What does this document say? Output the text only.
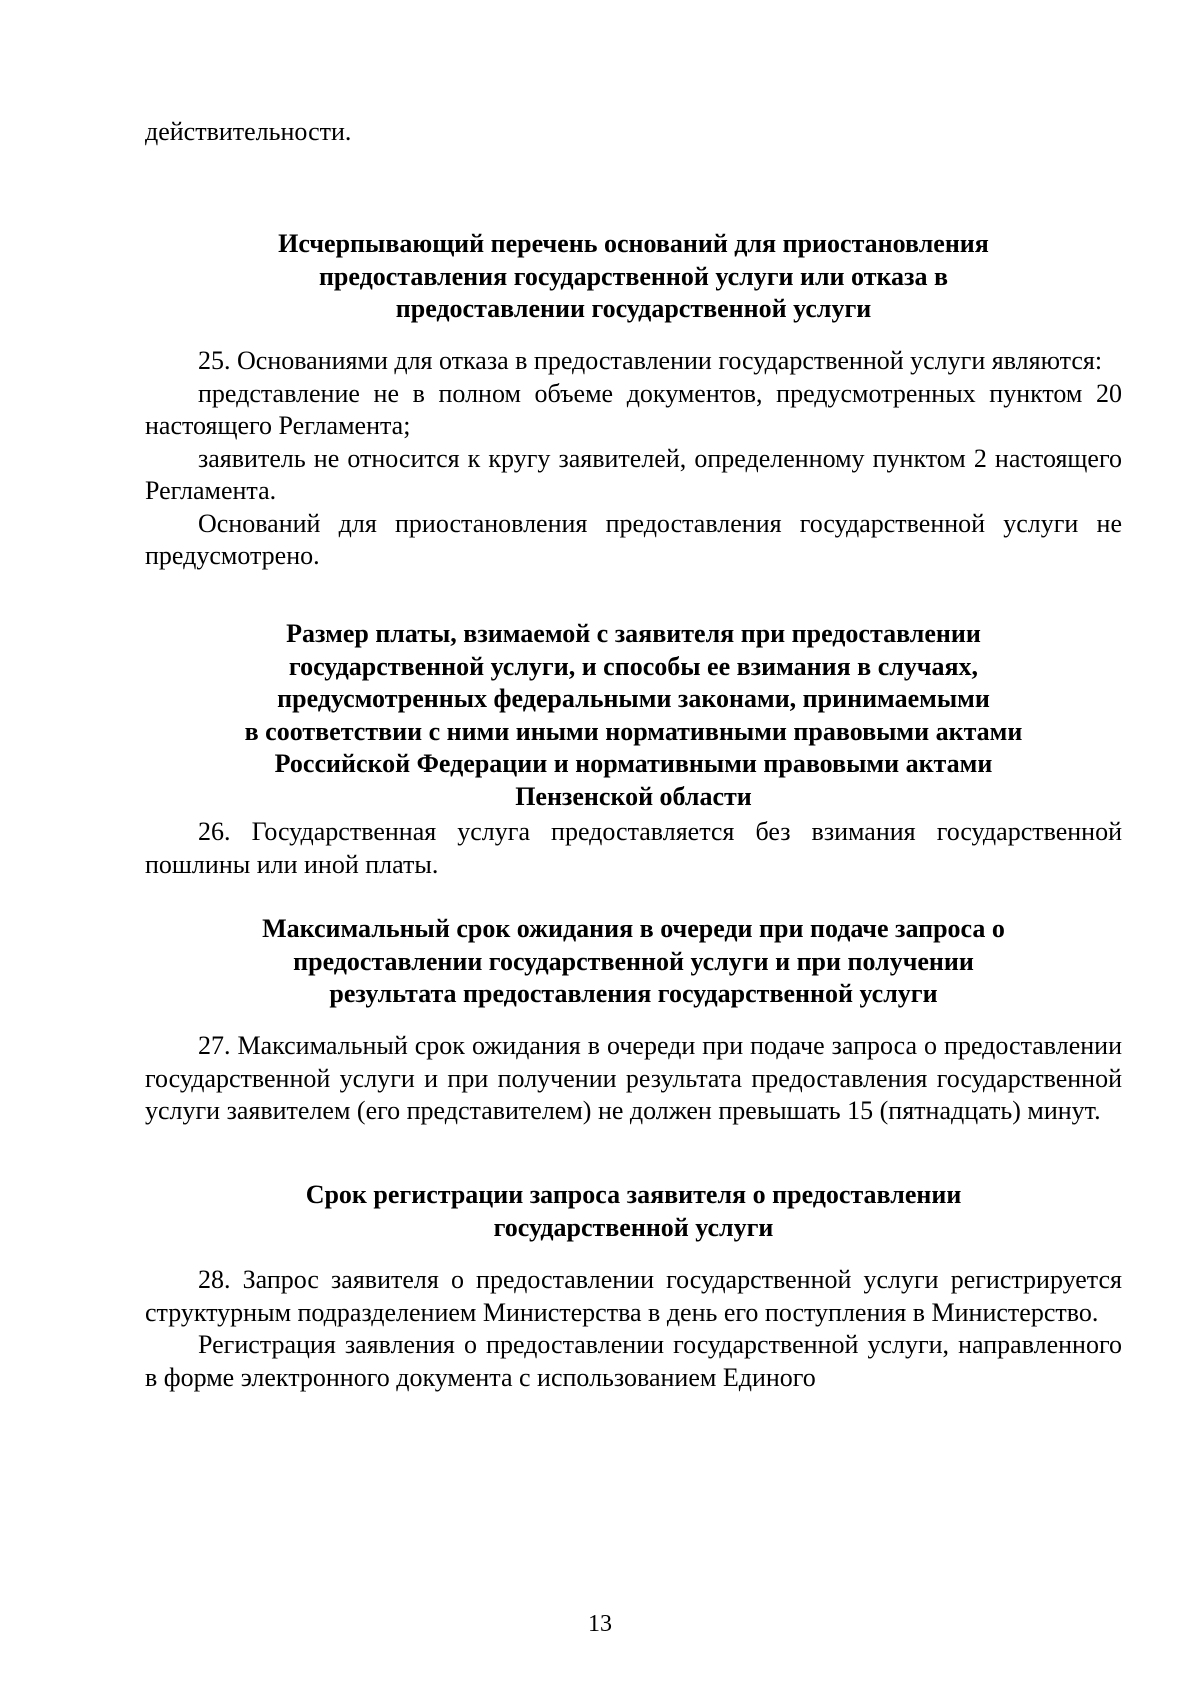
действительности.

Исчерпывающий перечень оснований для приостановления
предоставления государственной услуги или отказа в
предоставлении государственной услуги

25. Основаниями для отказа в предоставлении государственной услуги являются:

представление не в полном объеме документов, предусмотренных пунктом 20 настоящего Регламента;

заявитель не относится к кругу заявителей, определенному пунктом 2 настоящего Регламента.

Оснований для приостановления предоставления государственной услуги не предусмотрено.

Размер платы, взимаемой с заявителя при предоставлении
государственной услуги, и способы ее взимания в случаях,
предусмотренных федеральными законами, принимаемыми
в соответствии с ними иными нормативными правовыми актами
Российской Федерации и нормативными правовыми актами
Пензенской области

26. Государственная услуга предоставляется без взимания государственной пошлины или иной платы.

Максимальный срок ожидания в очереди при подаче запроса о
предоставлении государственной услуги и при получении
результата предоставления государственной услуги

27. Максимальный срок ожидания в очереди при подаче запроса о предоставлении государственной услуги и при получении результата предоставления государственной услуги заявителем (его представителем) не должен превышать 15 (пятнадцать) минут.

Срок регистрации запроса заявителя о предоставлении
государственной услуги

28. Запрос заявителя о предоставлении государственной услуги регистрируется структурным подразделением Министерства в день его поступления в Министерство.

Регистрация заявления о предоставлении государственной услуги, направленного в форме электронного документа с использованием Единого

13
